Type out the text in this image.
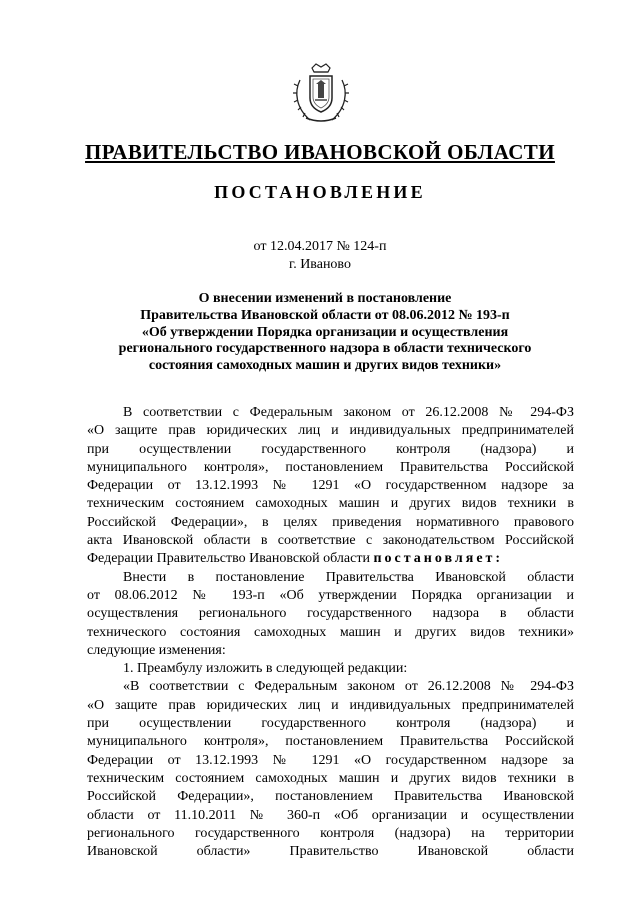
ПРАВИТЕЛЬСТВО ИВАНОВСКОЙ ОБЛАСТИ
ПОСТАНОВЛЕНИЕ
от 12.04.2017 № 124-п
г. Иваново
О внесении изменений в постановление
Правительства Ивановской области от 08.06.2012 № 193-п
«Об утверждении Порядка организации и осуществления
регионального государственного надзора в области технического
состояния самоходных машин и других видов техники»
В соответствии с Федеральным законом от 26.12.2008 № 294-ФЗ
«О защите прав юридических лиц и индивидуальных предпринимателей
при осуществлении государственного контроля (надзора) и
муниципального контроля», постановлением Правительства Российской
Федерации от 13.12.1993 № 1291 «О государственном надзоре за
техническим состоянием самоходных машин и других видов техники в
Российской Федерации», в целях приведения нормативного правового
акта Ивановской области в соответствие с законодательством Российской
Федерации Правительство Ивановской области постановляет:
Внести в постановление Правительства Ивановской области
от 08.06.2012 № 193-п «Об утверждении Порядка организации и
осуществления регионального государственного надзора в области
технического состояния самоходных машин и других видов техники»
следующие изменения:
1. Преамбулу изложить в следующей редакции:
«В соответствии с Федеральным законом от 26.12.2008 № 294-ФЗ
«О защите прав юридических лиц и индивидуальных предпринимателей
при осуществлении государственного контроля (надзора) и
муниципального контроля», постановлением Правительства Российской
Федерации от 13.12.1993 № 1291 «О государственном надзоре за
техническим состоянием самоходных машин и других видов техники в
Российской Федерации», постановлением Правительства Ивановской
области от 11.10.2011 № 360-п «Об организации и осуществлении
регионального государственного контроля (надзора) на территории
Ивановской области» Правительство Ивановской области
